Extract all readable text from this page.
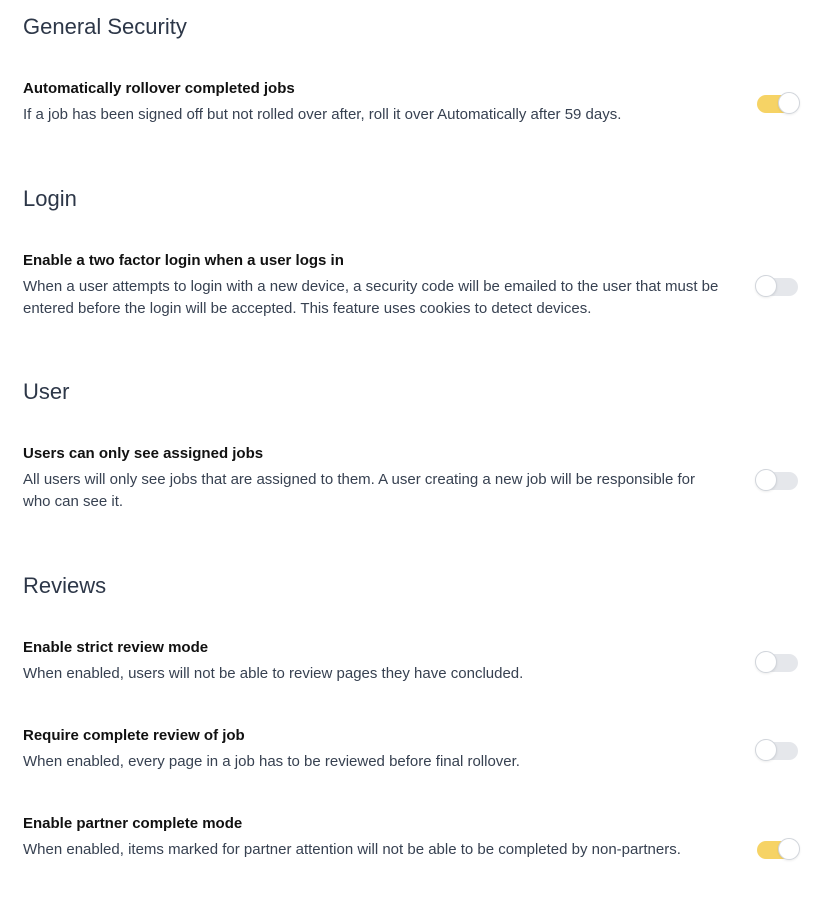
General Security

Automatically rollover completed jobs

If a job has been signed off but not rolled over after, roll it over Automatically after 59 days.

Login

Enable a two factor login when a user logs in

When a user attempts to login with a new device, a security code will be emailed to the user that must be entered before the login will be accepted. This feature uses cookies to detect devices.

User

Users can only see assigned jobs

All users will only see jobs that are assigned to them. A user creating a new job will be responsible for who can see it.

Reviews

Enable strict review mode

When enabled, users will not be able to review pages they have concluded.

Require complete review of job

When enabled, every page in a job has to be reviewed before final rollover.

Enable partner complete mode

When enabled, items marked for partner attention will not be able to be completed by non-partners.
